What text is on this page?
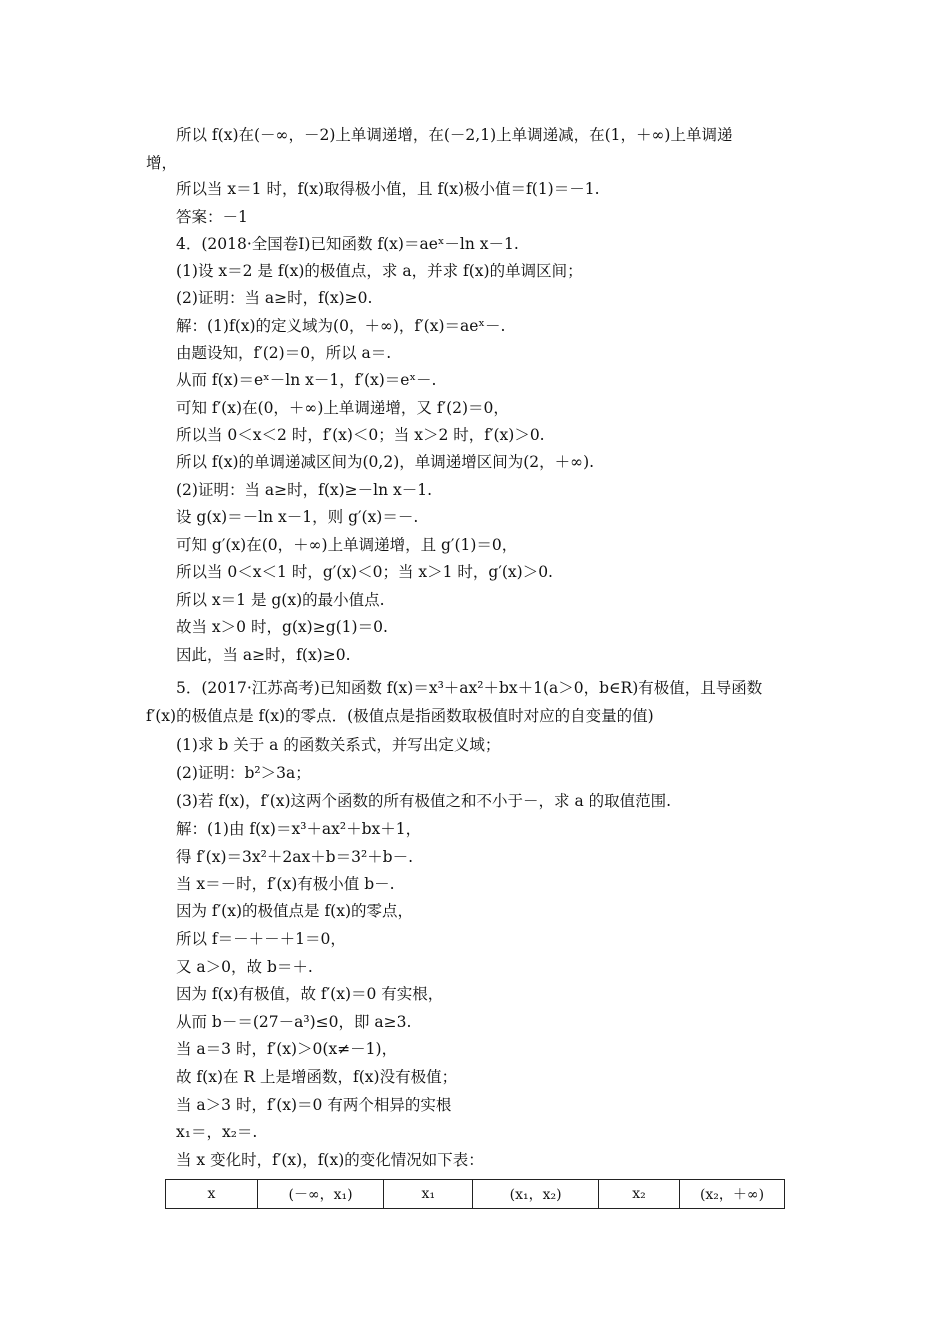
所以 f(x)在(－∞，－2)上单调递增，在(－2,1)上单调递减，在(1，＋∞)上单调递
增，
所以当 x＝1 时，f(x)取得极小值，且 f(x)极小值＝f(1)＝－1.
答案：－1
4．(2018·全国卷Ⅰ)已知函数 f(x)＝aeˣ－ln x－1.
(1)设 x＝2 是 f(x)的极值点，求 a，并求 f(x)的单调区间；
(2)证明：当 a≥时，f(x)≥0.
解：(1)f(x)的定义域为(0，＋∞)，f′(x)＝aeˣ－.
由题设知，f′(2)＝0，所以 a＝.
从而 f(x)＝eˣ－ln x－1，f′(x)＝eˣ－.
可知 f′(x)在(0，＋∞)上单调递增，又 f′(2)＝0，
所以当 0＜x＜2 时，f′(x)＜0；当 x＞2 时，f′(x)＞0.
所以 f(x)的单调递减区间为(0,2)，单调递增区间为(2，＋∞).
(2)证明：当 a≥时，f(x)≥－ln x－1.
设 g(x)＝－ln x－1，则 g′(x)＝－.
可知 g′(x)在(0，＋∞)上单调递增，且 g′(1)＝0，
所以当 0＜x＜1 时，g′(x)＜0；当 x＞1 时，g′(x)＞0.
所以 x＝1 是 g(x)的最小值点.
故当 x＞0 时，g(x)≥g(1)＝0.
因此，当 a≥时，f(x)≥0.
5．(2017·江苏高考)已知函数 f(x)＝x³＋ax²＋bx＋1(a＞0，b∈R)有极值，且导函数
f′(x)的极值点是 f(x)的零点．(极值点是指函数取极值时对应的自变量的值)
(1)求 b 关于 a 的函数关系式，并写出定义域；
(2)证明：b²＞3a；
(3)若 f(x)，f′(x)这两个函数的所有极值之和不小于－，求 a 的取值范围.
解：(1)由 f(x)＝x³＋ax²＋bx＋1，
得 f′(x)＝3x²＋2ax＋b＝3²＋b－.
当 x＝－时，f′(x)有极小值 b－.
因为 f′(x)的极值点是 f(x)的零点，
所以 f＝－＋－＋1＝0，
又 a＞0，故 b＝＋.
因为 f(x)有极值，故 f′(x)＝0 有实根，
从而 b－＝(27－a³)≤0，即 a≥3.
当 a＝3 时，f′(x)＞0(x≠－1)，
故 f(x)在 R 上是增函数，f(x)没有极值；
当 a＞3 时，f′(x)＝0 有两个相异的实根
x₁＝，x₂＝.
当 x 变化时，f′(x)，f(x)的变化情况如下表：
x	(－∞，x₁)	x₁	(x₁，x₂)	x₂	(x₂，＋∞)
